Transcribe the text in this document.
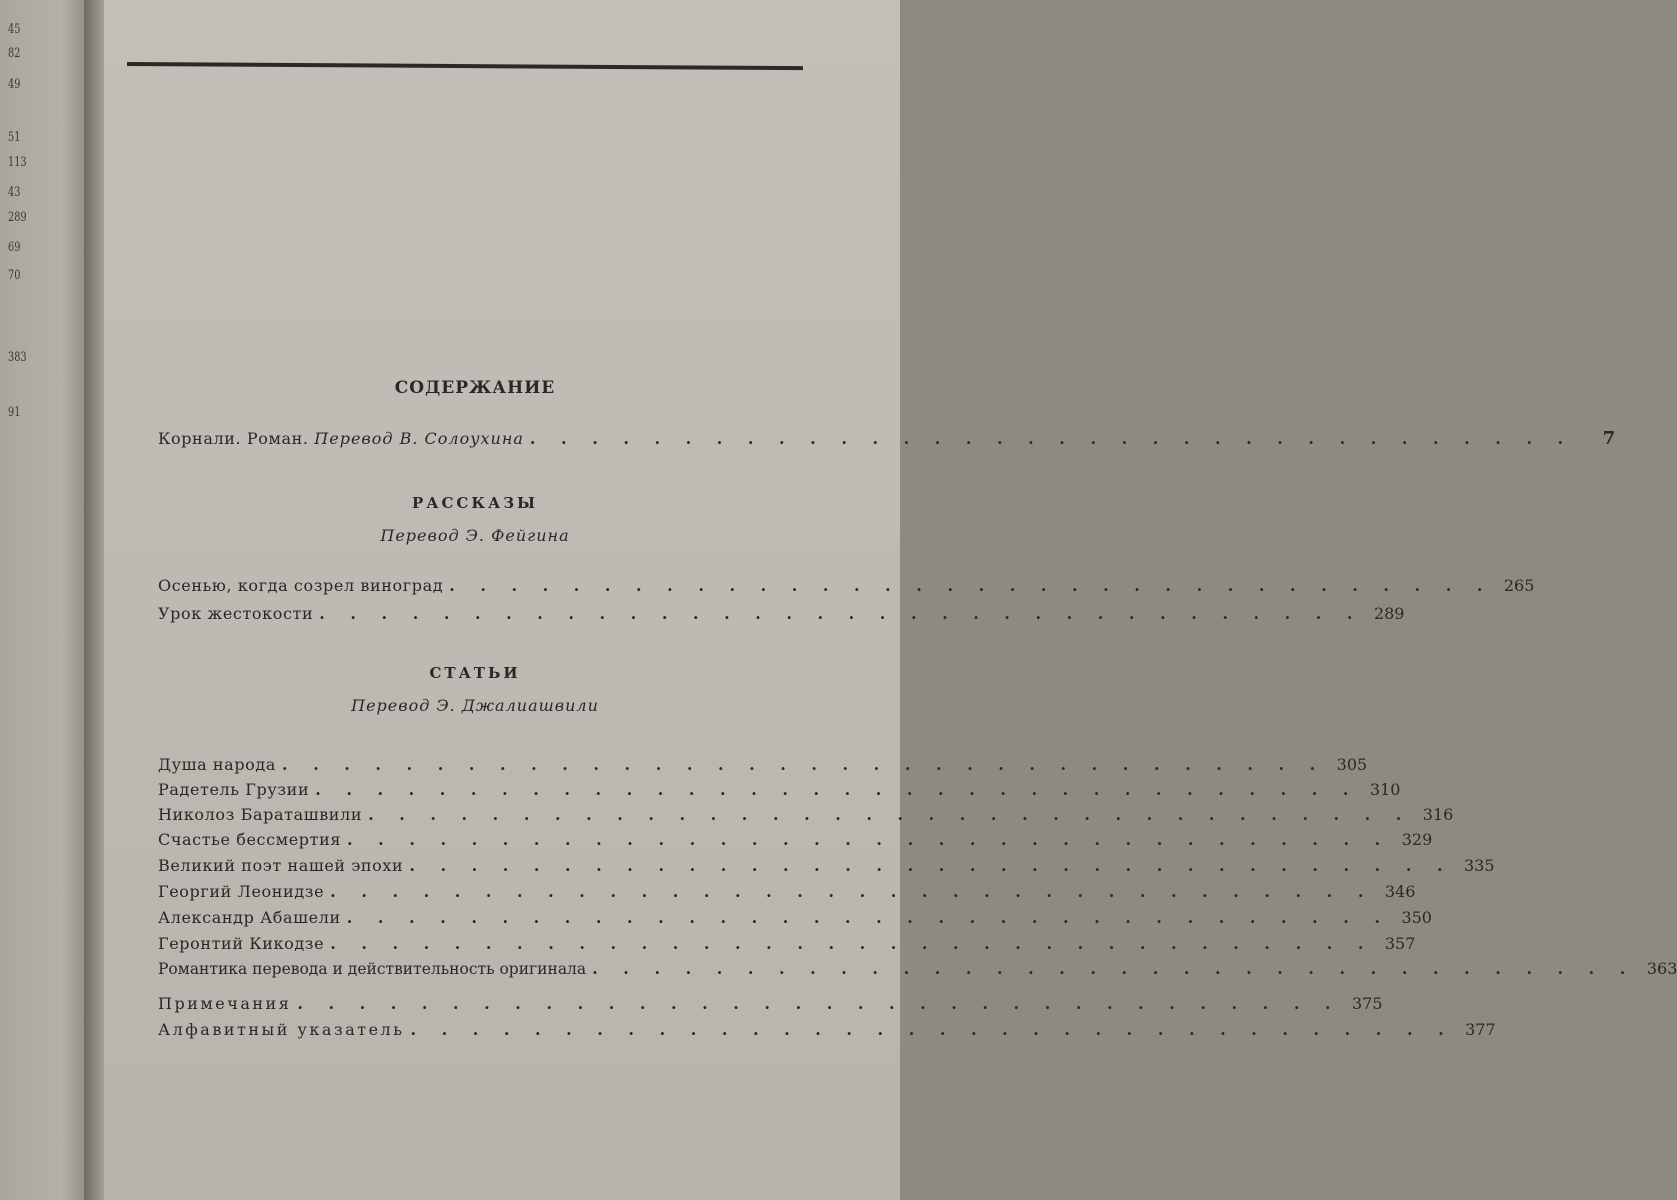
45
82
49
51
113
43
289
69
70
383
91
СОДЕРЖАНИЕ
Корнали. Роман. Перевод В. Солоухина . . . . . . . . . . . . . . . . . . . . . . . . . . . . . . . . . .	7
РАССКАЗЫ
Перевод Э. Фейгина
Осенью, когда созрел виноград . . . . . . . . . . . . . . . . . . . . . . . . . . . . . . . . . . 265
Урок жестокости . . . . . . . . . . . . . . . . . . . . . . . . . . . . . . . . . . 289
СТАТЬИ
Перевод Э. Джалиашвили
Душа народа . . . . . . . . . . . . . . . . . . . . . . . . . . . . . . . . . . 305
Радетель Грузии . . . . . . . . . . . . . . . . . . . . . . . . . . . . . . . . . . 310
Николоз Бараташвили . . . . . . . . . . . . . . . . . . . . . . . . . . . . . . . . . . 316
Счастье бессмертия . . . . . . . . . . . . . . . . . . . . . . . . . . . . . . . . . . 329
Великий поэт нашей эпохи . . . . . . . . . . . . . . . . . . . . . . . . . . . . . . . . . . 335
Георгий Леонидзе . . . . . . . . . . . . . . . . . . . . . . . . . . . . . . . . . . 346
Александр Абашели . . . . . . . . . . . . . . . . . . . . . . . . . . . . . . . . . . 350
Геронтий Кикодзе . . . . . . . . . . . . . . . . . . . . . . . . . . . . . . . . . . 357
Романтика перевода и действительность оригинала . . . . . . . . . . . . . . . . . . . . . . . . . . . . . . . . . . 363
Примечания . . . . . . . . . . . . . . . . . . . . . . . . . . . . . . . . . . 375
Алфавитный указатель . . . . . . . . . . . . . . . . . . . . . . . . . . . . . . . . . . 377
